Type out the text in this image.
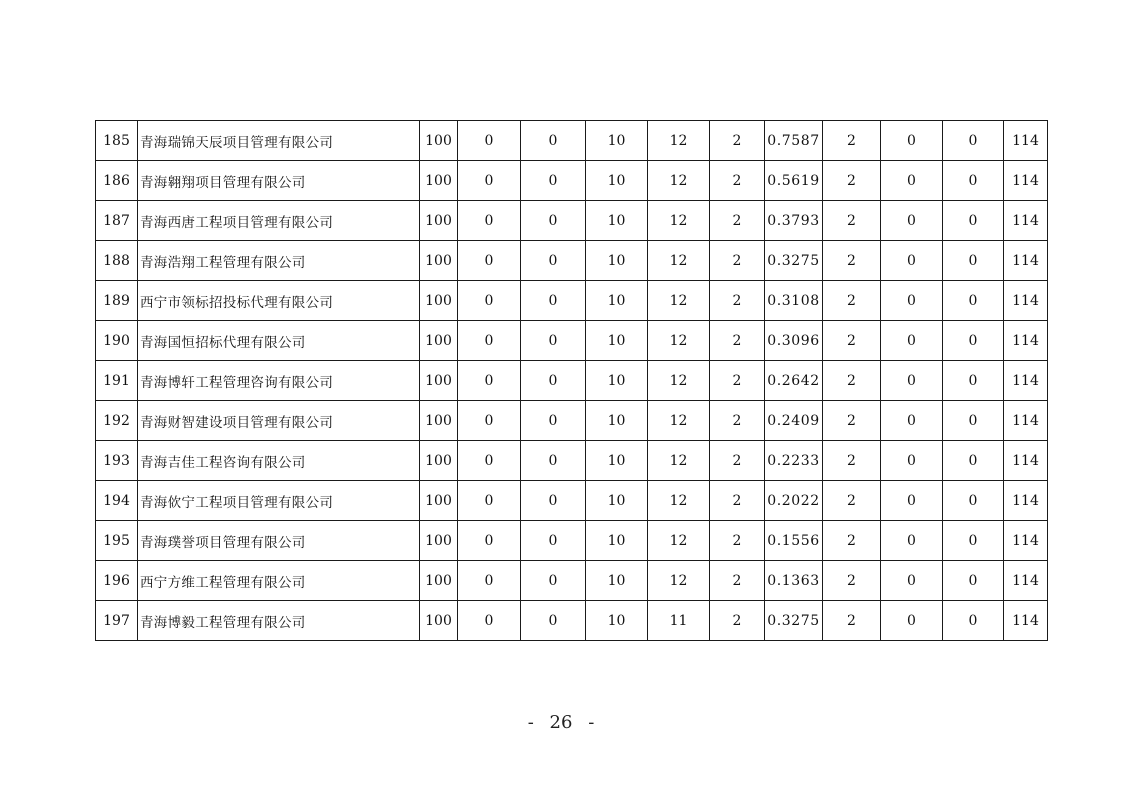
185	青海瑞锦天辰项目管理有限公司	100	0	0	10	12	2	0.7587	2	0	0	114
186	青海翱翔项目管理有限公司	100	0	0	10	12	2	0.5619	2	0	0	114
187	青海西唐工程项目管理有限公司	100	0	0	10	12	2	0.3793	2	0	0	114
188	青海浩翔工程管理有限公司	100	0	0	10	12	2	0.3275	2	0	0	114
189	西宁市领标招投标代理有限公司	100	0	0	10	12	2	0.3108	2	0	0	114
190	青海国恒招标代理有限公司	100	0	0	10	12	2	0.3096	2	0	0	114
191	青海博轩工程管理咨询有限公司	100	0	0	10	12	2	0.2642	2	0	0	114
192	青海财智建设项目管理有限公司	100	0	0	10	12	2	0.2409	2	0	0	114
193	青海吉佳工程咨询有限公司	100	0	0	10	12	2	0.2233	2	0	0	114
194	青海佽宁工程项目管理有限公司	100	0	0	10	12	2	0.2022	2	0	0	114
195	青海璞誉项目管理有限公司	100	0	0	10	12	2	0.1556	2	0	0	114
196	西宁方维工程管理有限公司	100	0	0	10	12	2	0.1363	2	0	0	114
197	青海博毅工程管理有限公司	100	0	0	10	11	2	0.3275	2	0	0	114
- 26 -
